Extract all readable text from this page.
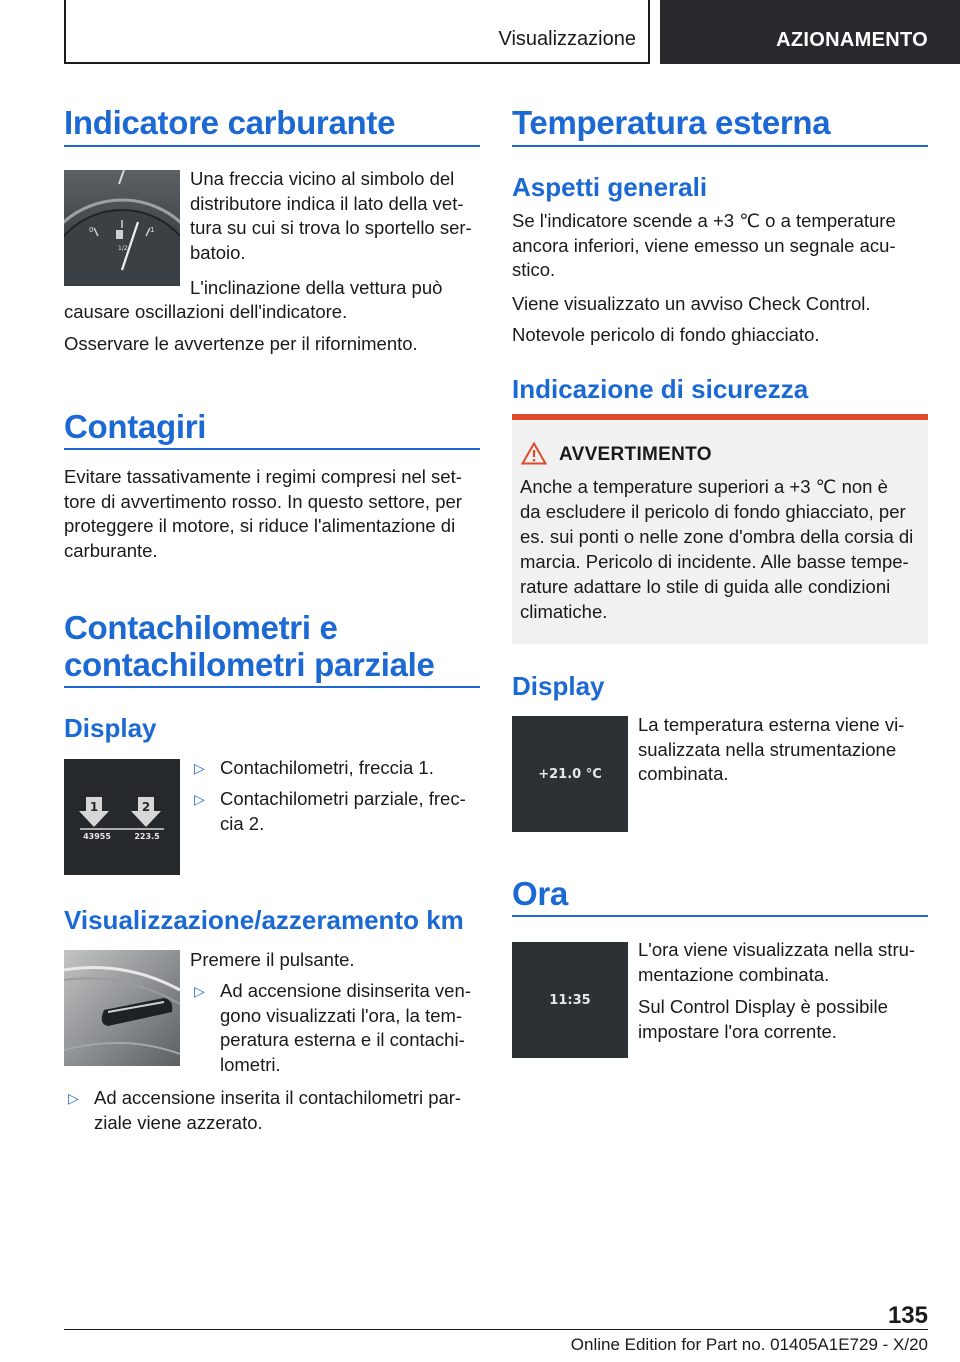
Visualizzazione	AZIONAMENTO
Indicatore carburante
0
1/2
1
Una freccia vicino al simbolo del
distributore indica il lato della vet-
tura su cui si trova lo sportello ser-
batoio.
L'inclinazione della vettura può
causare oscillazioni dell'indicatore.
Osservare le avvertenze per il rifornimento.
Contagiri
Evitare tassativamente i regimi compresi nel set-
tore di avvertimento rosso. In questo settore, per
proteggere il motore, si riduce l'alimentazione di
carburante.
Contachilometri e
contachilometri parziale
Display
1	2
43955	223.5
▷ Contachilometri, freccia 1.
▷ Contachilometri parziale, frec-
cia 2.
Visualizzazione/azzeramento km
Premere il pulsante.
▷ Ad accensione disinserita ven-
gono visualizzati l'ora, la tem-
peratura esterna e il contachi-
lometri.
▷ Ad accensione inserita il contachilometri par-
ziale viene azzerato.
Temperatura esterna
Aspetti generali
Se l'indicatore scende a +3 ℃ o a temperature
ancora inferiori, viene emesso un segnale acu-
stico.
Viene visualizzato un avviso Check Control.
Notevole pericolo di fondo ghiacciato.
Indicazione di sicurezza
AVVERTIMENTO
Anche a temperature superiori a +3 ℃ non è
da escludere il pericolo di fondo ghiacciato, per
es. sui ponti o nelle zone d'ombra della corsia di
marcia. Pericolo di incidente. Alle basse tempe-
rature adattare lo stile di guida alle condizioni
climatiche.
Display
+21.0 °C
La temperatura esterna viene vi-
sualizzata nella strumentazione
combinata.
Ora
11:35
L'ora viene visualizzata nella stru-
mentazione combinata.
Sul Control Display è possibile
impostare l'ora corrente.
135
Online Edition for Part no. 01405A1E729 - X/20
